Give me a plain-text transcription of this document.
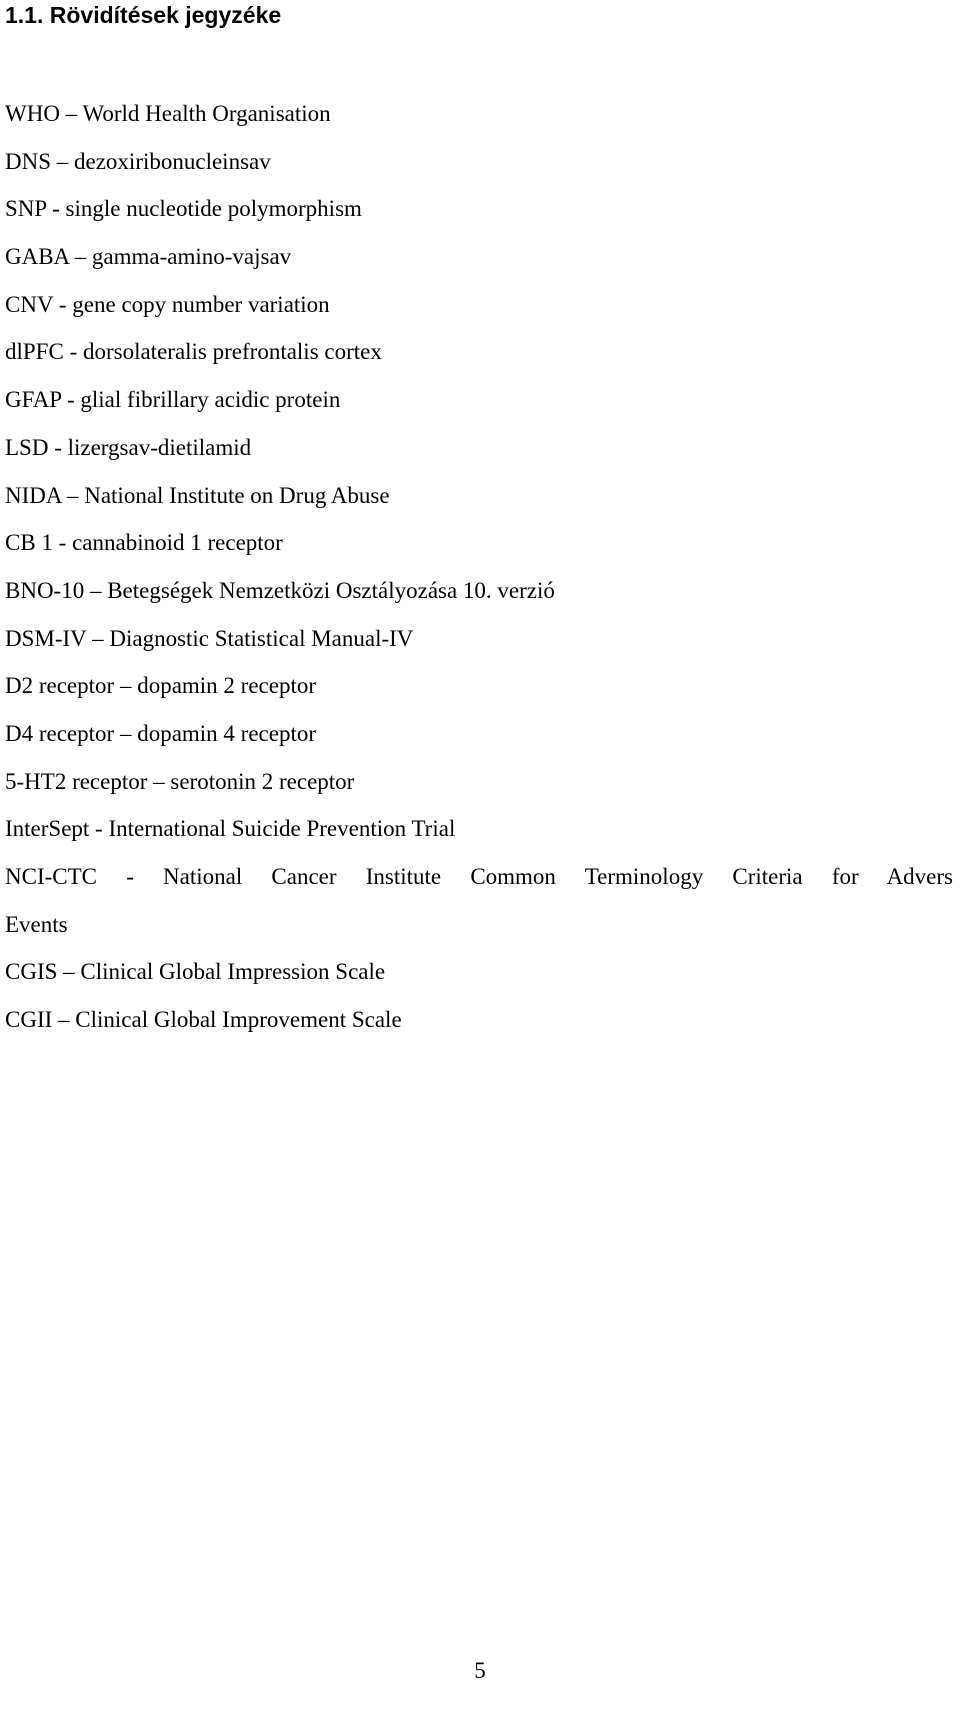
1.1. Rövidítések jegyzéke
WHO – World Health Organisation
DNS – dezoxiribonucleinsav
SNP - single nucleotide polymorphism
GABA – gamma-amino-vajsav
CNV - gene copy number variation
dlPFC - dorsolateralis prefrontalis cortex
GFAP - glial fibrillary acidic protein
LSD - lizergsav-dietilamid
NIDA – National Institute on Drug Abuse
CB 1 - cannabinoid 1 receptor
BNO-10 – Betegségek Nemzetközi Osztályozása 10. verzió
DSM-IV – Diagnostic Statistical Manual-IV
D2 receptor – dopamin 2 receptor
D4 receptor – dopamin 4 receptor
5-HT2 receptor – serotonin 2 receptor
InterSept - International Suicide Prevention Trial
NCI-CTC - National Cancer Institute Common Terminology Criteria for Advers
Events
CGIS – Clinical Global Impression Scale
CGII – Clinical Global Improvement Scale

5
